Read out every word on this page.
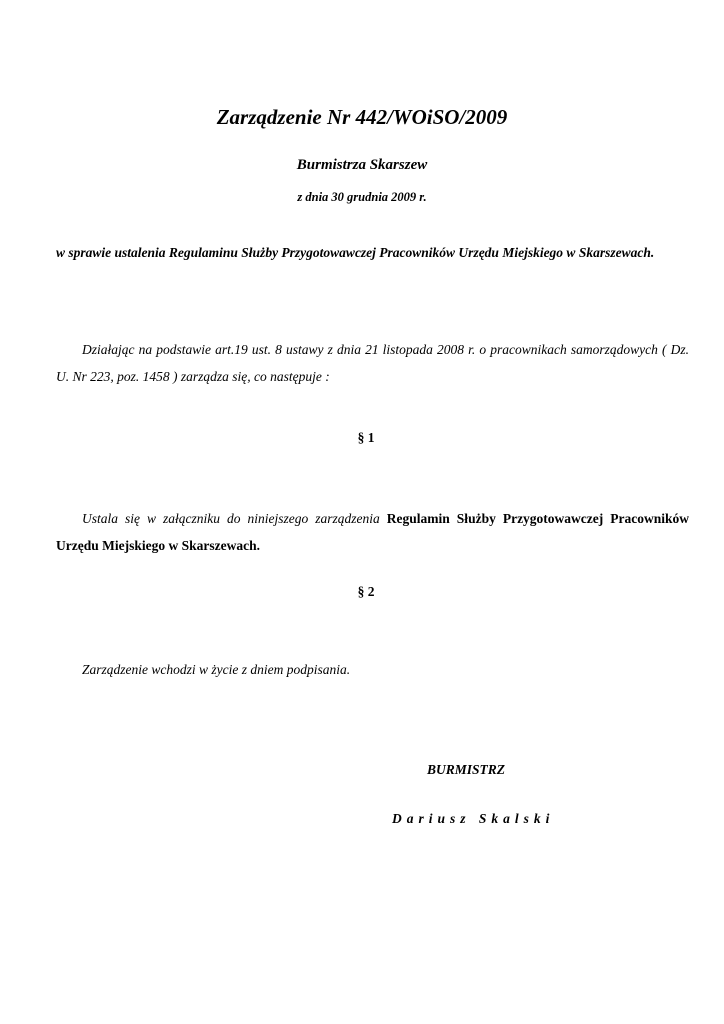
Zarządzenie Nr 442/WOiSO/2009
Burmistrza Skarszew
z dnia 30 grudnia 2009 r.
w sprawie ustalenia Regulaminu Służby Przygotowawczej Pracowników Urzędu Miejskiego w Skarszewach.
Działając na podstawie art.19 ust. 8 ustawy z dnia 21 listopada 2008 r. o pracownikach samorządowych ( Dz. U. Nr 223, poz. 1458 ) zarządza się, co następuje :
§ 1
Ustala się w załączniku do niniejszego zarządzenia Regulamin Służby Przygotowawczej Pracowników Urzędu Miejskiego w Skarszewach.
§ 2
Zarządzenie wchodzi w życie z dniem podpisania.
BURMISTRZ
Dariusz Skalski
